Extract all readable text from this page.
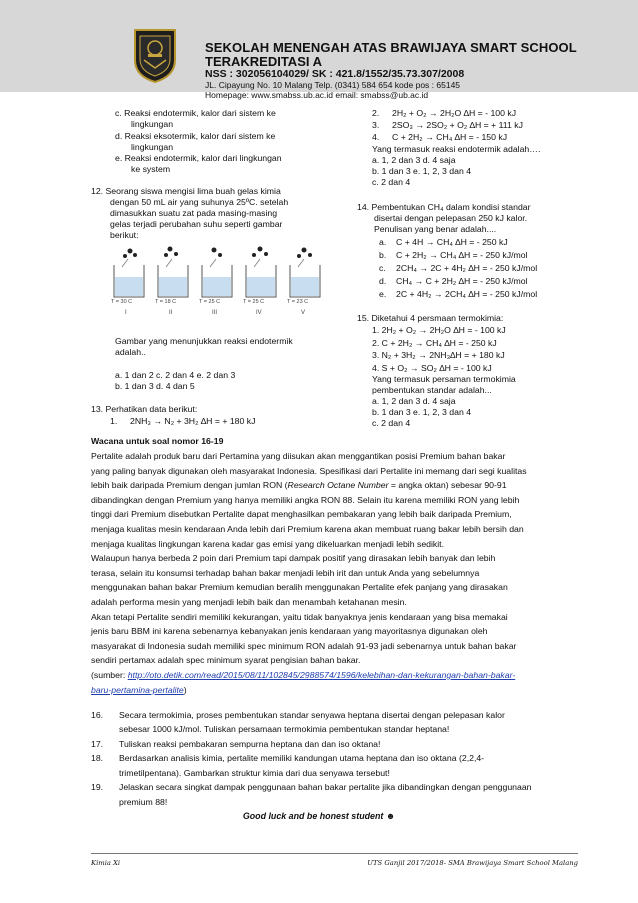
SEKOLAH MENENGAH ATAS BRAWIJAYA SMART SCHOOL
TERAKREDITASI A
NSS : 302056104029/ SK : 421.8/1552/35.73.307/2008
JL. Cipayung No. 10 Malang Telp. (0341) 584 654 kode pos : 65145
Homepage: www.smabss.ub.ac.id email: smabss@ub.ac.id
c. Reaksi endotermik, kalor dari sistem ke
lingkungan
d. Reaksi eksotermik, kalor dari sistem ke
lingkungan
e. Reaksi endotermik, kalor dari lingkungan
ke system
12. Seorang siswa mengisi lima buah gelas kimia
dengan 50 mL air yang suhunya 25ºC. setelah
dimasukkan suatu zat pada masing-masing
gelas terjadi perubahan suhu seperti gambar
berikut:
T = 30 C	T = 18 C	T = 25 C	T = 25 C	T = 23 C
I	II	III	IV	V
Gambar yang menunjukkan reaksi endotermik
adalah..
a. 1 dan 2 c. 2 dan 4 e. 2 dan 3
b. 1 dan 3 d. 4 dan 5
13. Perhatikan data berikut:
1. 2NH₃ → N₂ + 3H₂ ∆H = + 180 kJ
2. 2H₂ + O₂ → 2H₂O ∆H = - 100 kJ
3. 2SO₃ → 2SO₂ + O₂ ∆H = + 111 kJ
4. C + 2H₂ → CH₄ ∆H = - 150 kJ
Yang termasuk reaksi endotermik adalah….
a. 1, 2 dan 3 d. 4 saja
b. 1 dan 3 e. 1, 2, 3 dan 4
c. 2 dan 4
14. Pembentukan CH₄ dalam kondisi standar
disertai dengan pelepasan 250 kJ kalor.
Penulisan yang benar adalah....
a. C + 4H → CH₄ ∆H = - 250 kJ
b. C + 2H₂ → CH₄ ∆H = - 250 kJ/mol
c. 2CH₄ → 2C + 4H₂ ∆H = - 250 kJ/mol
d. CH₄ → C + 2H₂ ∆H = - 250 kJ/mol
e. 2C + 4H₂ → 2CH₄ ∆H = - 250 kJ/mol
15. Diketahui 4 persmaan termokimia:
1. 2H₂ + O₂ → 2H₂O ∆H = - 100 kJ
2. C + 2H₂ → CH₄ ∆H = - 250 kJ
3. N₂ + 3H₂ → 2NH₃∆H = + 180 kJ
4. S + O₂ → SO₂ ∆H = - 100 kJ
Yang termasuk persaman termokimia
pembentukan standar adalah...
a. 1, 2 dan 3 d. 4 saja
b. 1 dan 3 e. 1, 2, 3 dan 4
c. 2 dan 4
Wacana untuk soal nomor 16-19
Pertalite adalah produk baru dari Pertamina yang diisukan akan menggantikan posisi Premium bahan bakar
yang paling banyak digunakan oleh masyarakat Indonesia. Spesifikasi dari Pertalite ini memang dari segi kualitas
lebih baik daripada Premium dengan jumlan RON (Research Octane Number = angka oktan) sebesar 90-91
dibandingkan dengan Premium yang hanya memiliki angka RON 88. Selain itu karena memiliki RON yang lebih
tinggi dari Premium disebutkan Pertalite dapat menghasilkan pembakaran yang lebih baik daripada Premium,
menjaga kualitas mesin kendaraan Anda lebih dari Premium karena akan membuat ruang bakar lebih bersih dan
menjaga kualitas lingkungan karena kadar gas emisi yang dikeluarkan menjadi lebih sedikit.
Walaupun hanya berbeda 2 poin dari Premium tapi dampak positif yang dirasakan lebih banyak dan lebih
terasa, selain itu konsumsi terhadap bahan bakar menjadi lebih irit dan untuk Anda yang sebelumnya
menggunakan bahan bakar Premium kemudian beralih menggunakan Pertalite efek panjang yang dirasakan
adalah performa mesin yang menjadi lebih baik dan menambah ketahanan mesin.
Akan tetapi Pertalite sendiri memiliki kekurangan, yaitu tidak banyaknya jenis kendaraan yang bisa memakai
jenis baru BBM ini karena sebenarnya kebanyakan jenis kendaraan yang mayoritasnya digunakan oleh
masyarakat di Indonesia sudah memiliki spec minimum RON adalah 91-93 jadi sebenarnya untuk bahan bakar
sendiri pertamax adalah spec minimum syarat pengisian bahan bakar.
(sumber: http://oto.detik.com/read/2015/08/11/102845/2988574/1596/kelebihan-dan-kekurangan-bahan-bakar-
baru-pertamina-pertalite)
16. Secara termokimia, proses pembentukan standar senyawa heptana disertai dengan pelepasan kalor
sebesar 1000 kJ/mol. Tuliskan persamaan termokimia pembentukan standar heptana!
17. Tuliskan reaksi pembakaran sempurna heptana dan dan iso oktana!
18. Berdasarkan analisis kimia, pertalite memiliki kandungan utama heptana dan iso oktana (2,2,4-
trimetilpentana). Gambarkan struktur kimia dari dua senyawa tersebut!
19. Jelaskan secara singkat dampak penggunaan bahan bakar pertalite jika dibandingkan dengan penggunaan
premium 88!
Good luck and be honest student ☻
Kimia Xi	UTS Ganjil 2017/2018- SMA Brawijaya Smart School Malang
